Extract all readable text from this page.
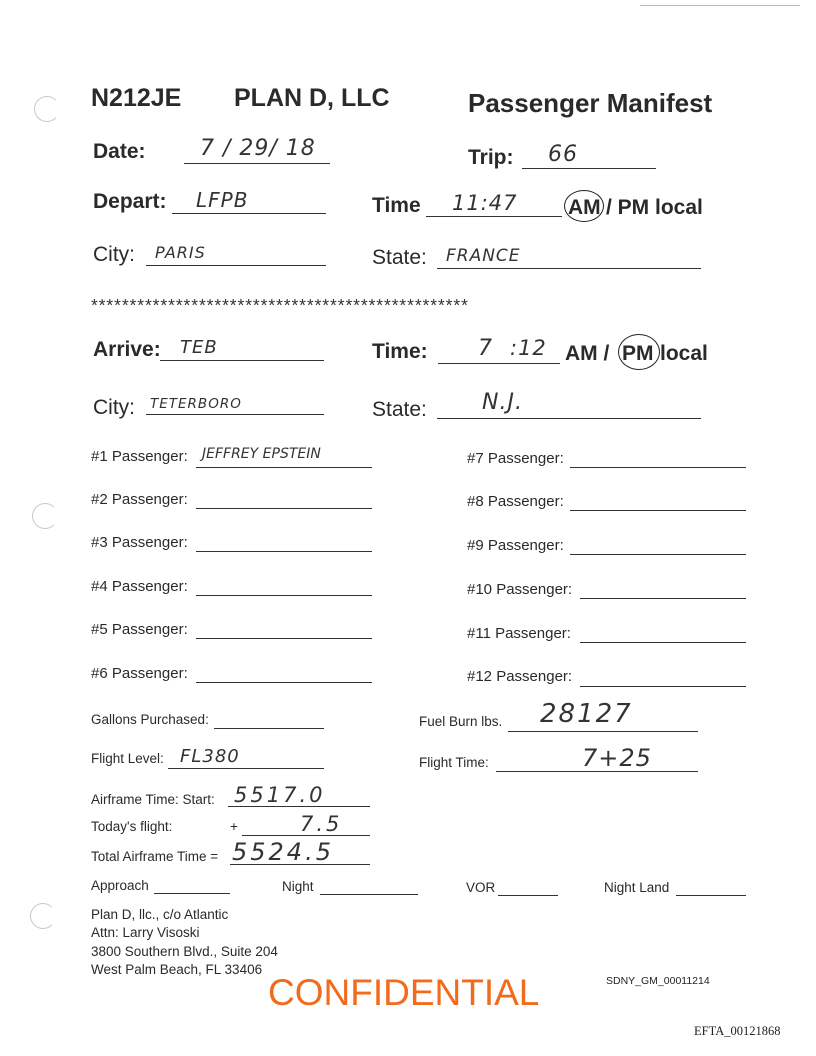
N212JE PLAN D, LLC	Passenger Manifest
Date: 7 / 29/ 18	Trip: 66
Depart: LFPB	Time 11:47 AM / PM local
City: PARIS	State: FRANCE
*************************************************
Arrive: TEB	Time: 7 :12 AM / PM local
City: TETERBORO	State:	N.J.
#1 Passenger: JEFFREY EPSTEIN
#2 Passenger:
#3 Passenger:
#4 Passenger:
#5 Passenger:
#6 Passenger:
#7 Passenger:
#8 Passenger:
#9 Passenger:
#10 Passenger:
#11 Passenger:
#12 Passenger:
Gallons Purchased:	Fuel Burn lbs. 28127
Flight Level: FL380	Flight Time:	7+25
Airframe Time: Start: 5517.0
Today's flight:	+	7.5
Total Airframe Time = 5524.5
Approach	Night	VOR	Night Land
Plan D, llc., c/o Atlantic
Attn: Larry Visoski
3800 Southern Blvd., Suite 204
West Palm Beach, FL 33406
CONFIDENTIAL	SDNY_GM_00011214
EFTA_00121868
